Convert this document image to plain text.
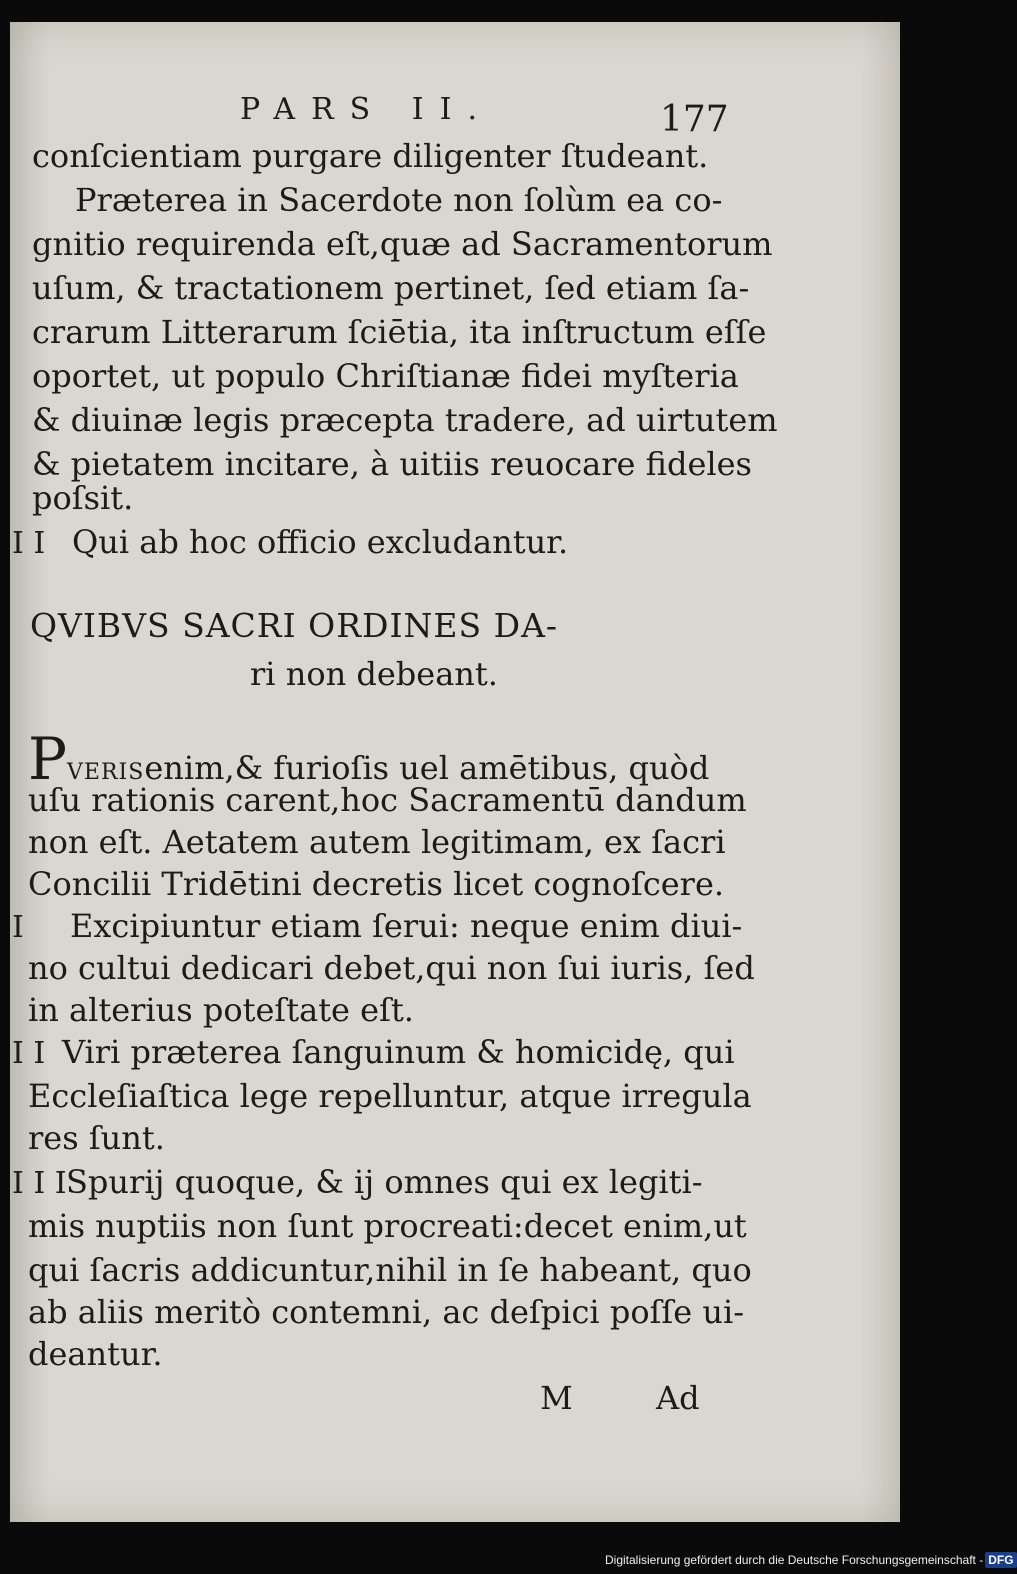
PARS II.	177
conſcientiam purgare diligenter ſtudeant.
Præterea in Sacerdote non ſolùm ea co-
gnitio requirenda eſt,quæ ad Sacramentorum
uſum, & tractationem pertinet, ſed etiam ſa-
crarum Litterarum ſciētia, ita inſtructum eſſe
oportet, ut populo Chriſtianæ fidei myſteria
& diuinæ legis præcepta tradere, ad uirtutem
& pietatem incitare, à uitiis reuocare fideles
poſsit.
I I Qui ab hoc officio excludantur.
QVIBVS SACRI ORDINES DA-
ri non debeant.
PVERISenim,& furioſis uel amētibus, quòd
uſu rationis carent,hoc Sacramentū dandum
non eſt. Aetatem autem legitimam, ex ſacri
Concilii Tridētini decretis licet cognoſcere.
I Excipiuntur etiam ſerui: neque enim diui-
no cultui dedicari debet,qui non ſui iuris, ſed
in alterius poteſtate eſt.
I I Viri præterea ſanguinum & homicidę, qui
Eccleſiaſtica lege repelluntur, atque irregula
res ſunt.
I I I Spurij quoque, & ij omnes qui ex legiti-
mis nuptiis non ſunt procreati:decet enim,ut
qui ſacris addicuntur,nihil in ſe habeant, quo
ab aliis meritò contemni, ac deſpici poſſe ui-
deantur.
M	Ad
Digitalisierung gefördert durch die Deutsche Forschungsgemeinschaft - DFG
